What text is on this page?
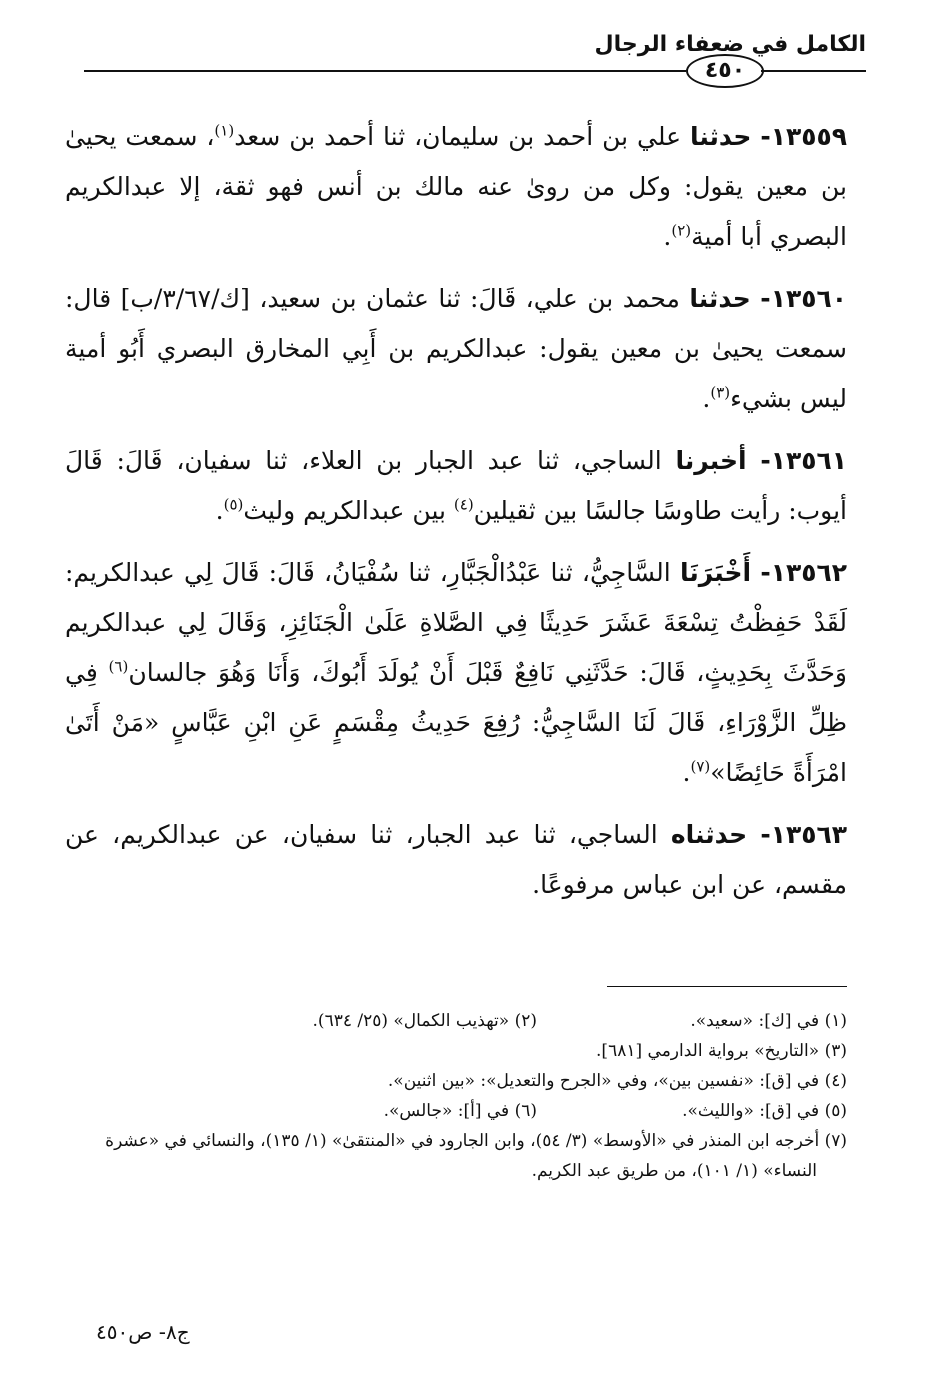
الكامل في ضعفاء الرجال
٤٥٠

١٣٥٥٩- حدثنا علي بن أحمد بن سليمان، ثنا أحمد بن سعد$^{(١)}$، سمعت يحيىٰ بن معين يقول: وكل من روىٰ عنه مالك بن أنس فهو ثقة، إلا عبدالكريم البصري أبا أمية$^{(٢)}$.

١٣٥٦٠- حدثنا محمد بن علي، قَالَ: ثنا عثمان بن سعيد، [ك/٣/٦٧/ب] قال: سمعت يحيىٰ بن معين يقول: عبدالكريم بن أَبِي المخارق البصري أَبُو أمية ليس بشيء$^{(٣)}$.

١٣٥٦١- أخبرنا الساجي، ثنا عبد الجبار بن العلاء، ثنا سفيان، قَالَ: قَالَ أيوب: رأيت طاوسًا جالسًا بين ثقيلين$^{(٤)}$ بين عبدالكريم وليث$^{(٥)}$.

١٣٥٦٢- أَخْبَرَنَا السَّاجِيُّ، ثنا عَبْدُالْجَبَّارِ، ثنا سُفْيَانُ، قَالَ: قَالَ لِي عبدالكريم: لَقَدْ حَفِظْتُ تِسْعَةَ عَشَرَ حَدِيثًا فِي الصَّلاةِ عَلَىٰ الْجَنَائِزِ، وَقَالَ لِي عبدالكريم وَحَدَّثَ بِحَدِيثٍ، قَالَ: حَدَّثَنِي نَافِعٌ قَبْلَ أَنْ يُولَدَ أَبُوكَ، وَأَنَا وَهُوَ جالسان$^{(٦)}$ فِي ظِلِّ الزَّوْرَاءِ، قَالَ لَنَا السَّاجِيُّ: رُفِعَ حَدِيثُ مِقْسَمٍ عَنِ ابْنِ عَبَّاسٍ «مَنْ أَتَىٰ امْرَأَةً حَائِضًا»$^{(٧)}$.

١٣٥٦٣- حدثناه الساجي، ثنا عبد الجبار، ثنا سفيان، عن عبدالكريم، عن مقسم، عن ابن عباس مرفوعًا.

(١) في [ك]: «سعيد».
(٢) «تهذيب الكمال» (٢٥/ ٦٣٤).
(٣) «التاريخ» برواية الدارمي [٦٨١].
(٤) في [ق]: «نفسين بين»، وفي «الجرح والتعديل»: «بين اثنين».
(٥) في [ق]: «والليث».
(٦) في [أ]: «جالس».
(٧) أخرجه ابن المنذر في «الأوسط» (٣/ ٥٤)، وابن الجارود في «المنتقىٰ» (١/ ١٣٥)، والنسائي في «عشرة النساء» (١/ ١٠١)، من طريق عبد الكريم.
ج٨- ص٤٥٠
